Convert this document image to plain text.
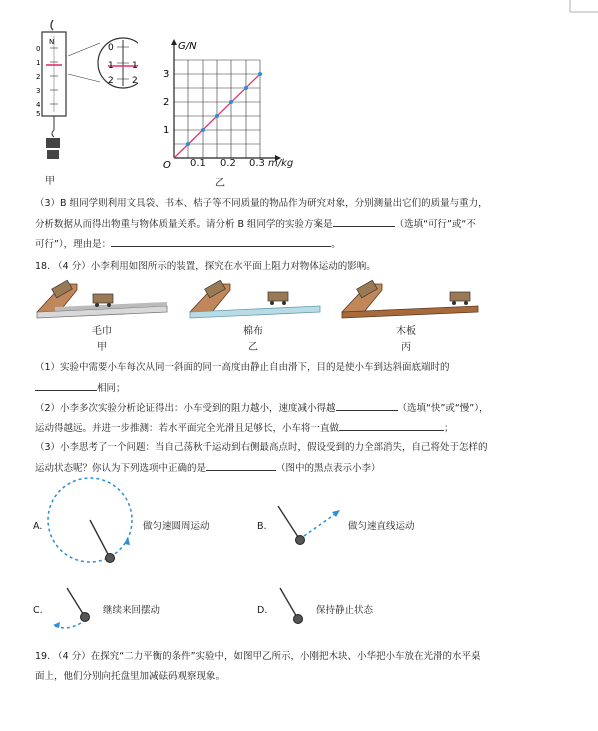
N
0
1
2
3
4
5
0
1
2
1
2
甲
G/N
3
2
1
O 0.1 0.2 0.3 m/kg
乙
（3）B 组同学则利用文具袋、书本、桔子等不同质量的物品作为研究对象，分别测量出它们的质量与重力，
分析数据从而得出物重与物体质量关系。请分析 B 组同学的实验方案是	（选填“可行”或“不
可行”），理由是：	。
18. （4 分）小李利用如图所示的装置，探究在水平面上阻力对物体运动的影响。
毛巾
甲
棉布
乙
木板
丙
（1）实验中需要小车每次从同一斜面的同一高度由静止自由滑下，目的是使小车到达斜面底端时的
相同；
（2）小李多次实验分析论证得出：小车受到的阻力越小，速度减小得越	（选填“快”或“慢”），
运动得越远。并进一步推测：若水平面完全光滑且足够长，小车将一直做	；
（3）小李思考了一个问题：当自己荡秋千运动到右侧最高点时，假设受到的力全部消失，自己将处于怎样的
运动状态呢？你认为下列选项中正确的是	（图中的黑点表示小李）
A.	做匀速圆周运动	B.	做匀速直线运动
C.	继续来回摆动	D.	保持静止状态
19. （4 分）在探究“二力平衡的条件”实验中，如图甲乙所示，小刚把木块、小华把小车放在光滑的水平桌
面上，他们分别向托盘里加减砝码观察现象。
